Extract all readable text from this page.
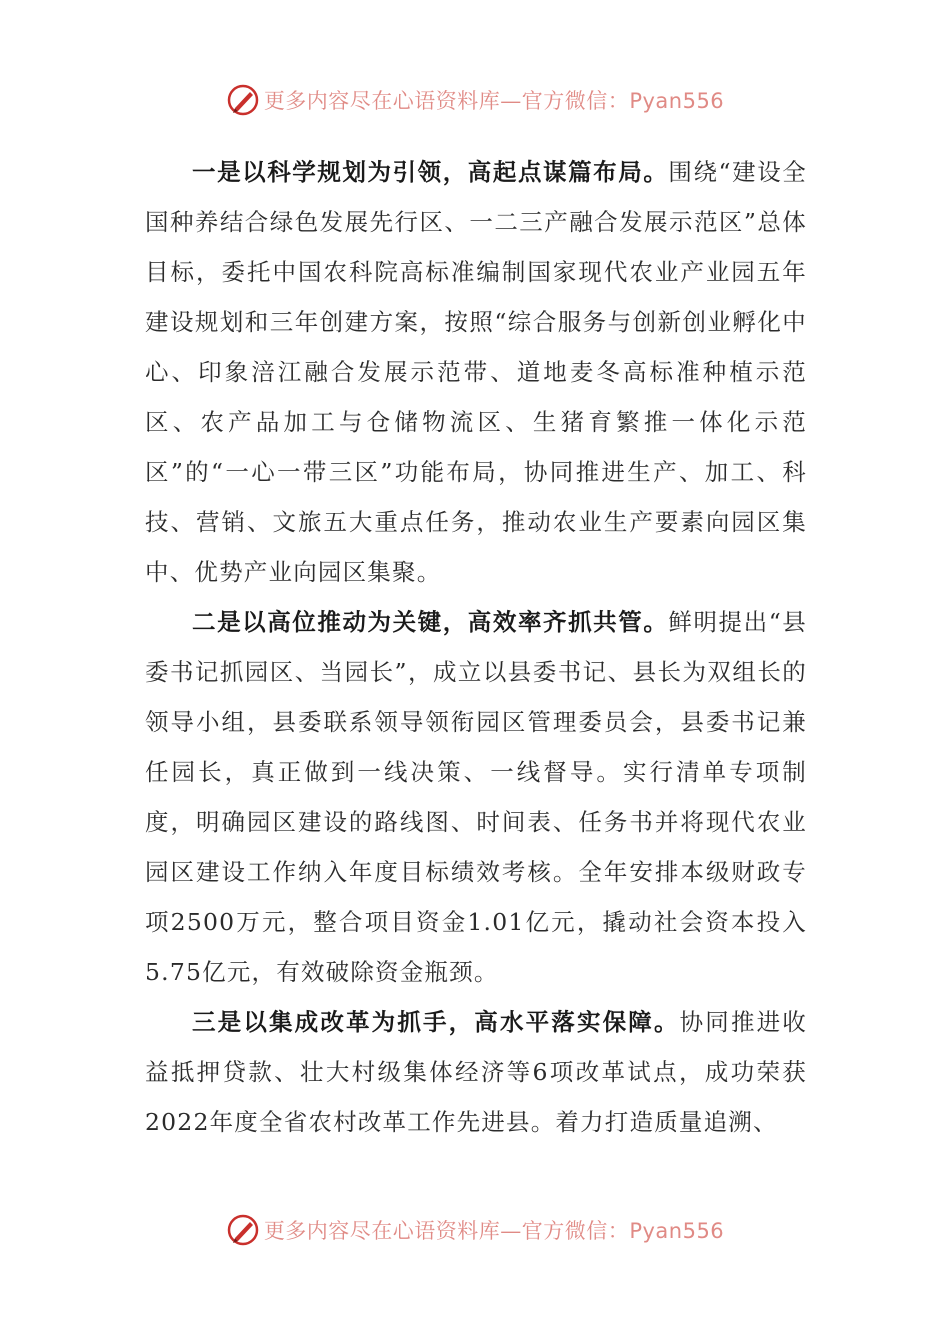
更多内容尽在心语资料库—官方微信：Pyan556

一是以科学规划为引领，高起点谋篇布局。围绕“建设全国种养结合绿色发展先行区、一二三产融合发展示范区”总体目标，委托中国农科院高标准编制国家现代农业产业园五年建设规划和三年创建方案，按照“综合服务与创新创业孵化中心、印象涪江融合发展示范带、道地麦冬高标准种植示范区、农产品加工与仓储物流区、生猪育繁推一体化示范区”的“一心一带三区”功能布局，协同推进生产、加工、科技、营销、文旅五大重点任务，推动农业生产要素向园区集中、优势产业向园区集聚。

二是以高位推动为关键，高效率齐抓共管。鲜明提出“县委书记抓园区、当园长”，成立以县委书记、县长为双组长的领导小组，县委联系领导领衔园区管理委员会，县委书记兼任园长，真正做到一线决策、一线督导。实行清单专项制度，明确园区建设的路线图、时间表、任务书并将现代农业园区建设工作纳入年度目标绩效考核。全年安排本级财政专项2500万元，整合项目资金1.01亿元，撬动社会资本投入5.75亿元，有效破除资金瓶颈。

三是以集成改革为抓手，高水平落实保障。协同推进收益抵押贷款、壮大村级集体经济等6项改革试点，成功荣获2022年度全省农村改革工作先进县。着力打造质量追溯、

更多内容尽在心语资料库—官方微信：Pyan556
